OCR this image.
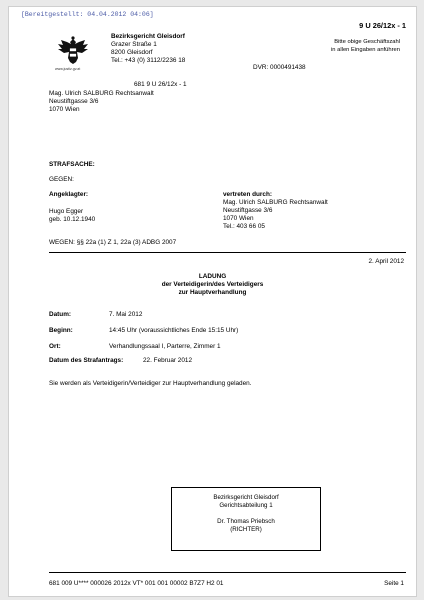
[Bereitgestellt: 04.04.2012 04:06]
www.justiz.gv.at
Bezirksgericht Gleisdorf
Grazer Straße 1
8200 Gleisdorf
Tel.: +43 (0) 3112/2236 18
9 U 26/12x - 1
Bitte obige Geschäftszahl
in allen Eingaben anführen
DVR: 0000491438
681 9 U 26/12x - 1
Mag. Ulrich SALBURG Rechtsanwalt
Neustiftgasse 3/6
1070 Wien
STRAFSACHE:
GEGEN:
Angeklagter:
Hugo Egger
geb. 10.12.1940
vertreten durch:
Mag. Ulrich SALBURG Rechtsanwalt
Neustiftgasse 3/6
1070 Wien
Tel.: 403 66 05
WEGEN: §§ 22a (1) Z 1, 22a (3) ADBG 2007
2. April 2012
LADUNG
der Verteidigerin/des Verteidigers
zur Hauptverhandlung
Datum:	7. Mai 2012
Beginn:	14:45 Uhr (voraussichtliches Ende 15:15 Uhr)
Ort:	Verhandlungssaal I, Parterre, Zimmer 1
Datum des Strafantrags:	22. Februar 2012
Sie werden als Verteidigerin/Verteidiger zur Hauptverhandlung geladen.
Bezirksgericht Gleisdorf
Gerichtsabteilung 1
Dr. Thomas Priebsch
(RICHTER)
681 009 U**** 000026 2012x VT* 001 001 00002 B7Z7 H2 01	Seite 1
